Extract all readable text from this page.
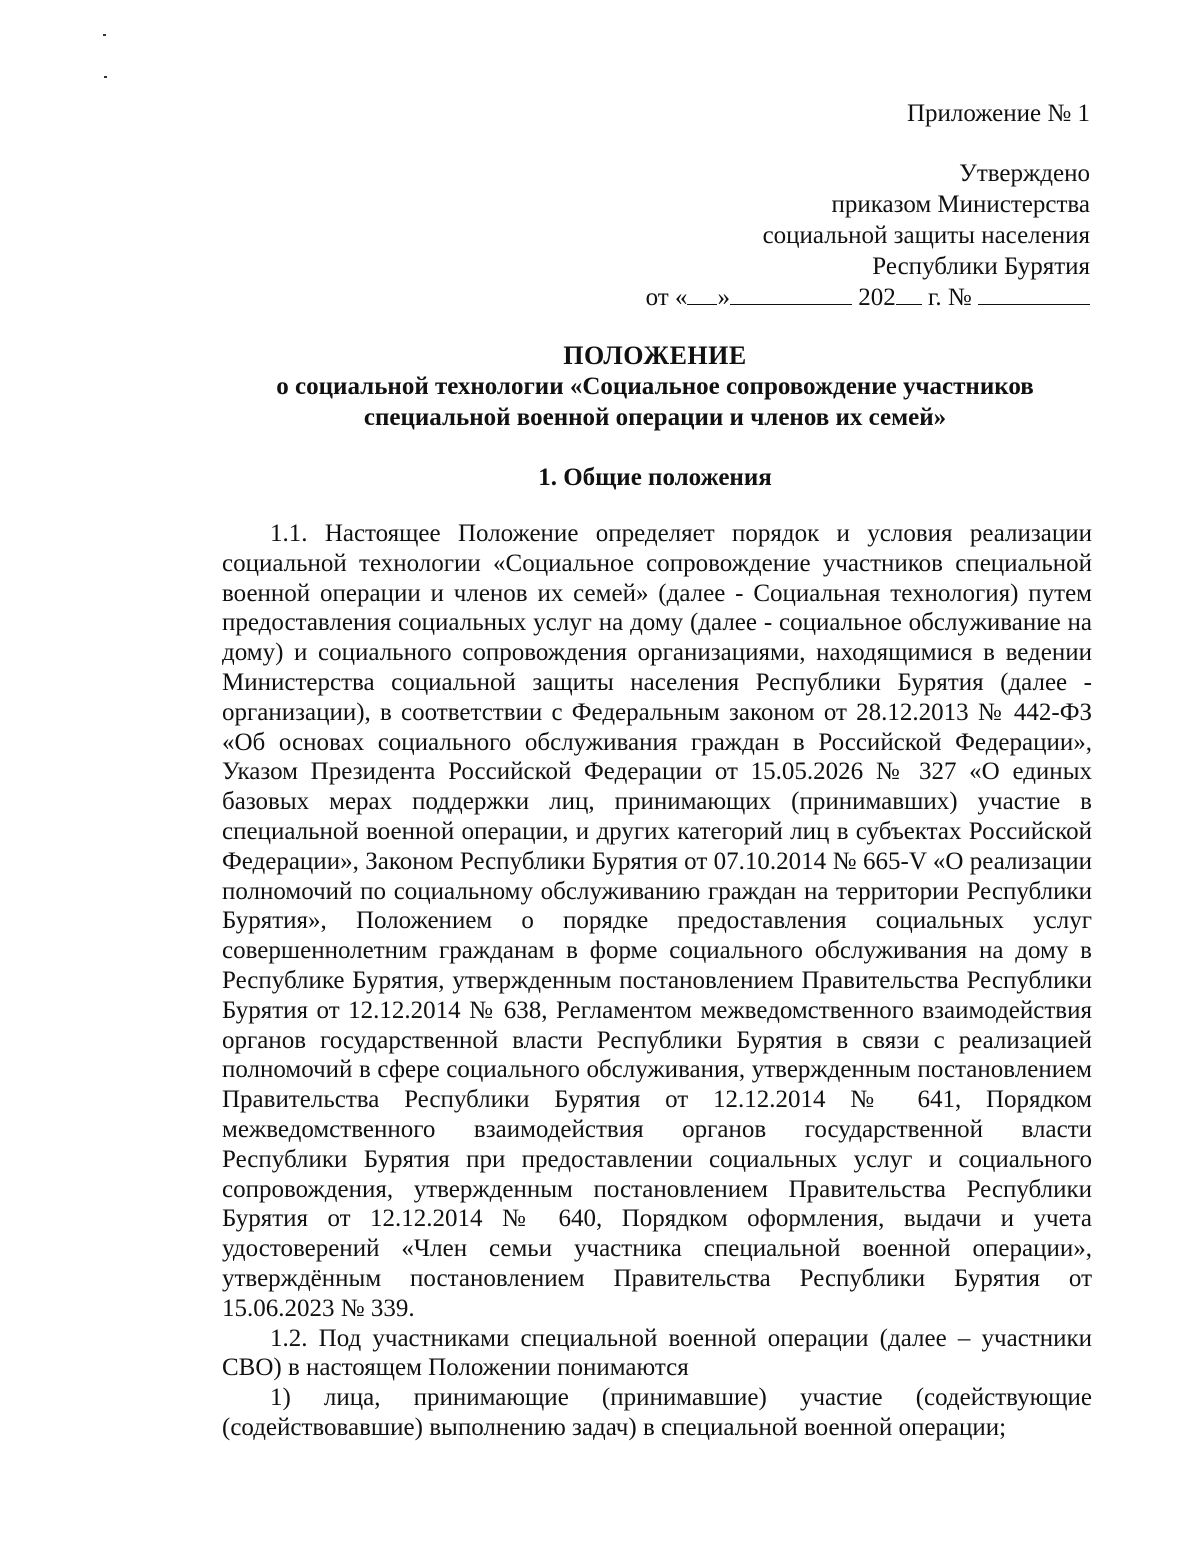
Приложение № 1
Утверждено
приказом Министерства
социальной защиты населения
Республики Бурятия
от « »	202 г. №
ПОЛОЖЕНИЕ
о социальной технологии «Социальное сопровождение участников
специальной военной операции и членов их семей»
1. Общие положения

1.1. Настоящее Положение определяет порядок и условия реализации социальной технологии «Социальное сопровождение участников специальной военной операции и членов их семей» (далее - Социальная технология) путем предоставления социальных услуг на дому (далее - социальное обслуживание на дому) и социального сопровождения организациями, находящимися в ведении Министерства социальной защиты населения Республики Бурятия (далее - организации), в соответствии с Федеральным законом от 28.12.2013 № 442-ФЗ «Об основах социального обслуживания граждан в Российской Федерации», Указом Президента Российской Федерации от 15.05.2026 № 327 «О единых базовых мерах поддержки лиц, принимающих (принимавших) участие в специальной военной операции, и других категорий лиц в субъектах Российской Федерации», Законом Республики Бурятия от 07.10.2014 № 665-V «О реализации полномочий по социальному обслуживанию граждан на территории Республики Бурятия», Положением о порядке предоставления социальных услуг совершеннолетним гражданам в форме социального обслуживания на дому в Республике Бурятия, утвержденным постановлением Правительства Республики Бурятия от 12.12.2014 № 638, Регламентом межведомственного взаимодействия органов государственной власти Республики Бурятия в связи с реализацией полномочий в сфере социального обслуживания, утвержденным постановлением Правительства Республики Бурятия от 12.12.2014 № 641, Порядком межведомственного взаимодействия органов государственной власти Республики Бурятия при предоставлении социальных услуг и социального сопровождения, утвержденным постановлением Правительства Республики Бурятия от 12.12.2014 № 640, Порядком оформления, выдачи и учета удостоверений «Член семьи участника специальной военной операции», утверждённым постановлением Правительства Республики Бурятия от 15.06.2023 № 339.

1.2. Под участниками специальной военной операции (далее – участники СВО) в настоящем Положении понимаются

1) лица, принимающие (принимавшие) участие (содействующие (содействовавшие) выполнению задач) в специальной военной операции;
